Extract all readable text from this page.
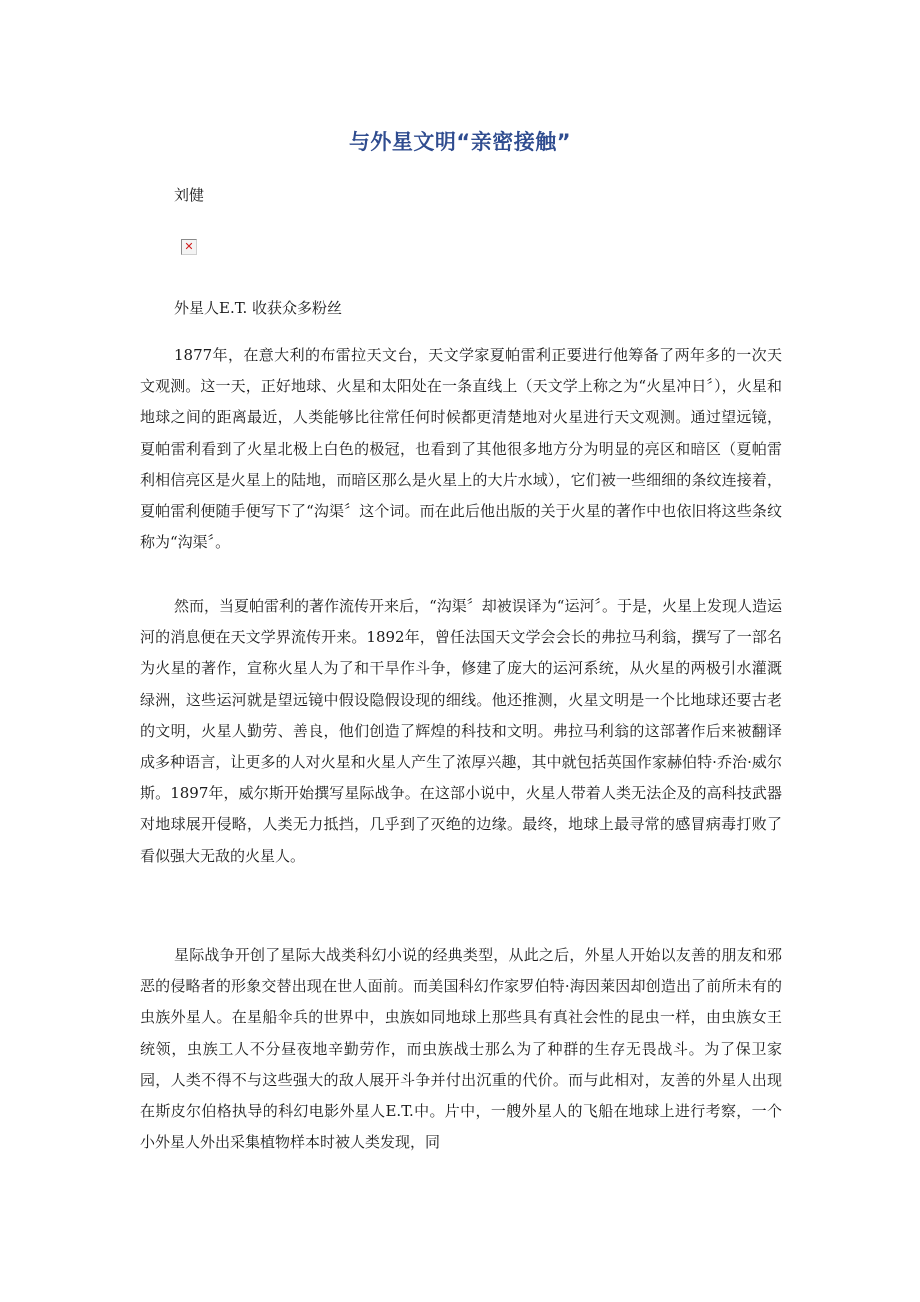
与外星文明“亲密接触”
刘健
✕
外星人E.T. 收获众多粉丝

1877年，在意大利的布雷拉天文台，天文学家夏帕雷利正要进行他筹备了两年多的一次天文观测。这一天，正好地球、火星和太阳处在一条直线上（天文学上称之为“火星冲日〞），火星和地球之间的距离最近，人类能够比往常任何时候都更清楚地对火星进行天文观测。通过望远镜，夏帕雷利看到了火星北极上白色的极冠，也看到了其他很多地方分为明显的亮区和暗区（夏帕雷利相信亮区是火星上的陆地，而暗区那么是火星上的大片水域），它们被一些细细的条纹连接着，夏帕雷利便随手便写下了“沟渠〞这个词。而在此后他出版的关于火星的著作中也依旧将这些条纹称为“沟渠〞。

然而，当夏帕雷利的著作流传开来后，“沟渠〞却被误译为“运河〞。于是，火星上发现人造运河的消息便在天文学界流传开来。1892年，曾任法国天文学会会长的弗拉马利翁，撰写了一部名为火星的著作，宣称火星人为了和干旱作斗争，修建了庞大的运河系统，从火星的两极引水灌溉绿洲，这些运河就是望远镜中假设隐假设现的细线。他还推测，火星文明是一个比地球还要古老的文明，火星人勤劳、善良，他们创造了辉煌的科技和文明。弗拉马利翁的这部著作后来被翻译成多种语言，让更多的人对火星和火星人产生了浓厚兴趣，其中就包括英国作家赫伯特·乔治·威尔斯。1897年，威尔斯开始撰写星际战争。在这部小说中，火星人带着人类无法企及的高科技武器对地球展开侵略，人类无力抵挡，几乎到了灭绝的边缘。最终，地球上最寻常的感冒病毒打败了看似强大无敌的火星人。

星际战争开创了星际大战类科幻小说的经典类型，从此之后，外星人开始以友善的朋友和邪恶的侵略者的形象交替出现在世人面前。而美国科幻作家罗伯特·海因莱因却创造出了前所未有的虫族外星人。在星船伞兵的世界中，虫族如同地球上那些具有真社会性的昆虫一样，由虫族女王统领，虫族工人不分昼夜地辛勤劳作，而虫族战士那么为了种群的生存无畏战斗。为了保卫家园，人类不得不与这些强大的敌人展开斗争并付出沉重的代价。而与此相对，友善的外星人出现在斯皮尔伯格执导的科幻电影外星人E.T.中。片中，一艘外星人的飞船在地球上进行考察，一个小外星人外出采集植物样本时被人类发现，同
